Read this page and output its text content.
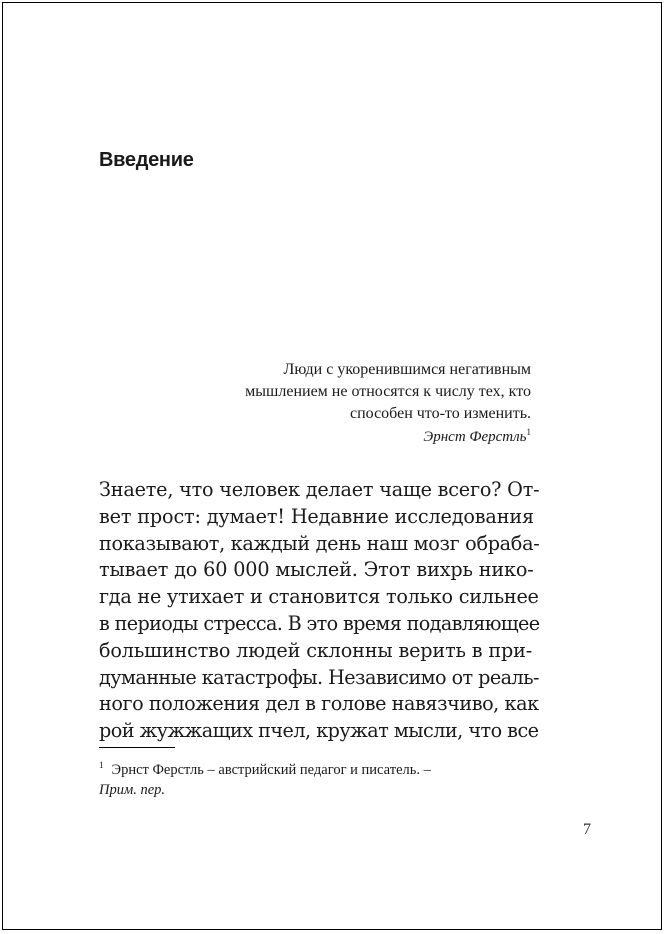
Введение
Люди с укоренившимся негативным
мышлением не относятся к числу тех, кто
способен что-то изменить.
Эрнст Ферстль$^1$
Знаете, что человек делает чаще всего? От-
вет прост: думает! Недавние исследования
показывают, каждый день наш мозг обраба-
тывает до 60 000 мыслей. Этот вихрь нико-
гда не утихает и становится только сильнее
в периоды стресса. В это время подавляющее
большинство людей склонны верить в при-
думанные катастрофы. Независимо от реаль-
ного положения дел в голове навязчиво, как
рой жужжащих пчел, кружат мысли, что все
$^1$ Эрнст Ферстль – австрийский педагог и писатель. –
Прим. пер.
7
